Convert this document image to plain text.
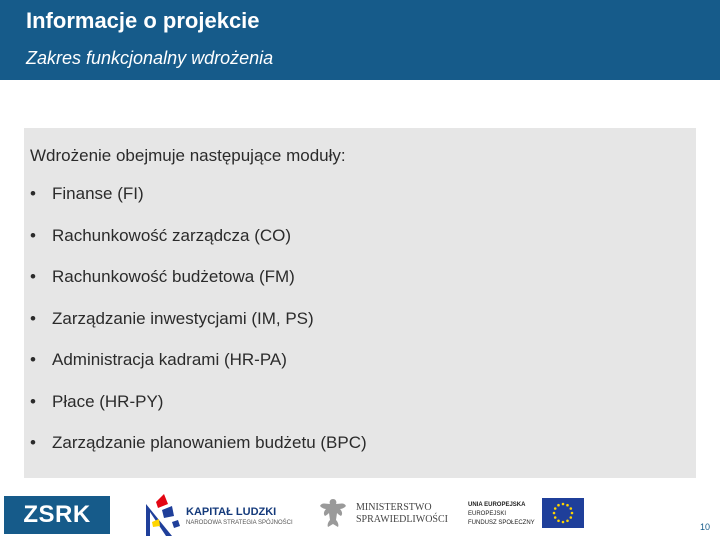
Informacje o projekcie
Zakres funkcjonalny wdrożenia
Wdrożenie obejmuje następujące moduły:
• Finanse (FI)
• Rachunkowość zarządcza (CO)
• Rachunkowość budżetowa (FM)
• Zarządzanie inwestycjami (IM, PS)
• Administracja kadrami (HR-PA)
• Płace (HR-PY)
• Zarządzanie planowaniem budżetu (BPC)
ZSRK	KAPITAŁ LUDZKI
NARODOWA STRATEGIA SPÓJNOŚCI
MINISTERSTWO
SPRAWIEDLIWOŚCI
UNIA EUROPEJSKA
EUROPEJSKI
FUNDUSZ SPOŁECZNY	10
